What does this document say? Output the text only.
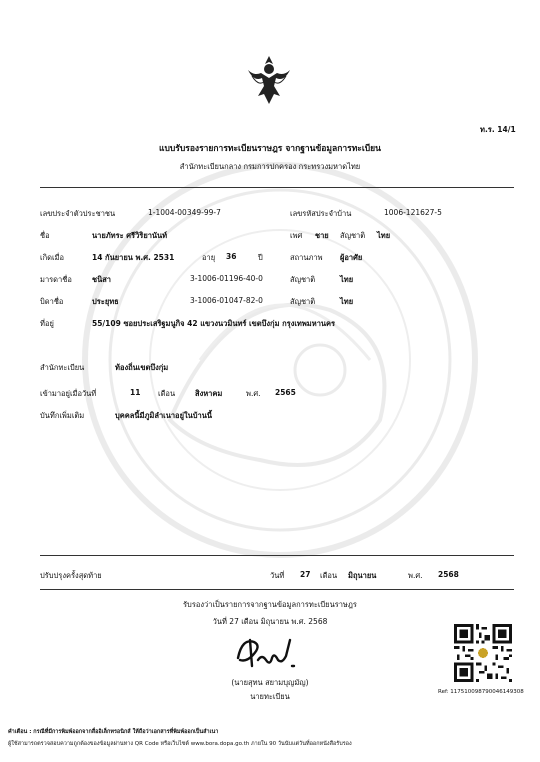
ท.ร. 14/1
แบบรับรองรายการทะเบียนราษฎร จากฐานข้อมูลการทะเบียน
สำนักทะเบียนกลาง กรมการปกครอง กระทรวงมหาดไทย
เลขประจำตัวประชาชน	1-1004-00349-99-7	เลขรหัสประจำบ้าน	1006-121627-5
ชื่อ	นายภัทระ ศรีวิริยานันท์	เพศ ชาย สัญชาติ ไทย
เกิดเมื่อ	14 กันยายน พ.ศ. 2531	อายุ 36	ปี	สถานภาพ ผู้อาศัย
มารดาชื่อ	ชนิสา	3-1006-01196-40-0	สัญชาติ	ไทย
บิดาชื่อ	ประยุทธ	3-1006-01047-82-0	สัญชาติ	ไทย
ที่อยู่	55/109 ซอยประเสริฐมนูกิจ 42 แขวงนวมินทร์ เขตบึงกุ่ม กรุงเทพมหานคร
สำนักทะเบียน	ท้องถิ่นเขตบึงกุ่ม
เข้ามาอยู่เมื่อวันที่	11 เดือน	สิงหาคม	พ.ศ. 2565
บันทึกเพิ่มเติม	บุคคลนี้มีภูมิลำเนาอยู่ในบ้านนี้
ปรับปรุงครั้งสุดท้าย	วันที่ 27 เดือน มิถุนายน	พ.ศ. 2568
รับรองว่าเป็นรายการจากฐานข้อมูลการทะเบียนราษฎร
วันที่ 27 เดือน มิถุนายน พ.ศ. 2568
(นายสุทน สยามบุญมัญ)
นายทะเบียน	Ref: 117510098790046149308
คำเตือน : กรณีที่มีการพิมพ์ออกจากสื่ออิเล็กทรอนิกส์ ให้ถือว่าเอกสารที่พิมพ์ออกเป็นสำเนา
ผู้ใช้สามารถตรวจสอบความถูกต้องของข้อมูลผ่านทาง QR Code หรือเว็บไซต์ www.bora.dopa.go.th ภายใน 90 วันนับแต่วันที่ออกหนังสือรับรอง
